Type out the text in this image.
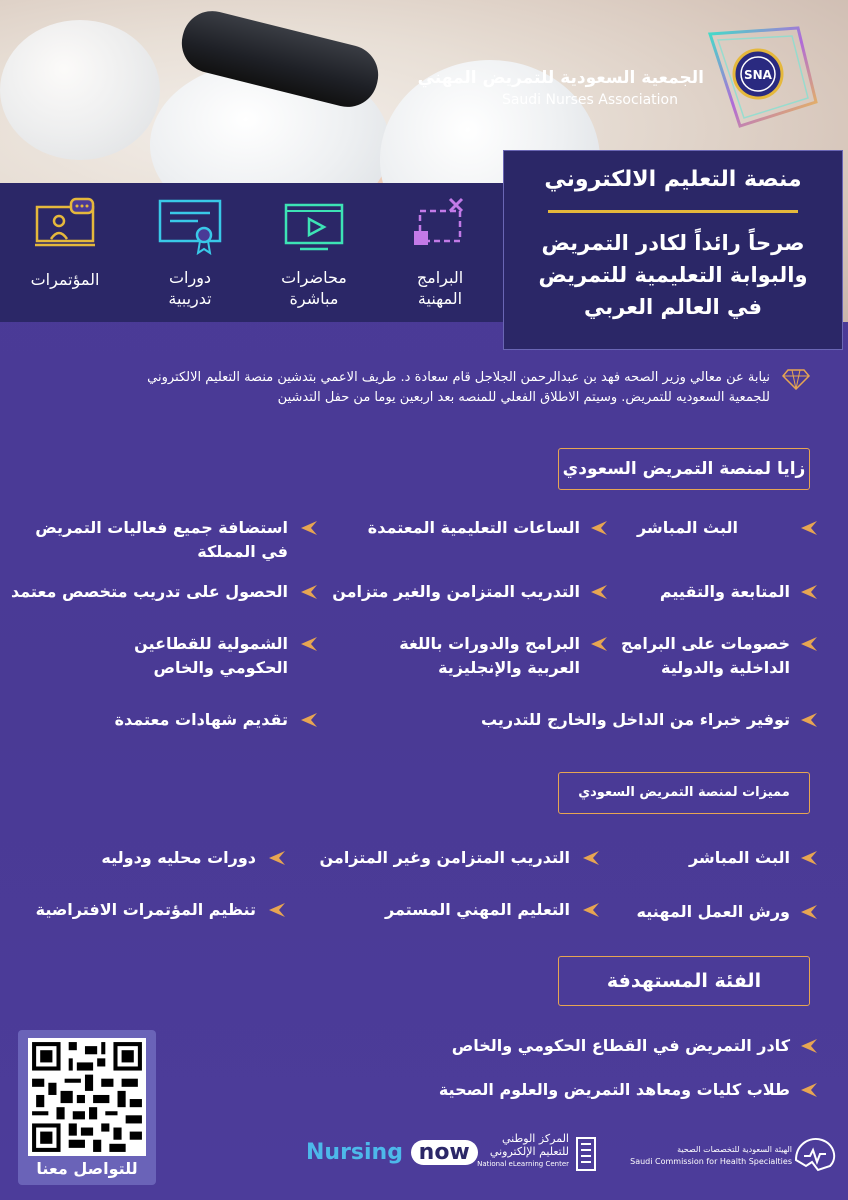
SNA
الجمعية السعودية للتمريض المهني
Saudi Nurses Association
المؤتمرات	دورات
تدريبية
محاضرات
مباشرة
البرامج
المهنية
منصة التعليم الالكتروني
صرحاً رائداً لكادر التمريض
والبوابة التعليمية للتمريض
في العالم العربي
نيابة عن معالي وزير الصحه فهد بن عبدالرحمن الجلاجل قام سعادة د. طريف الاعمي بتدشين منصة التعليم الالكتروني
للجمعية السعوديه للتمريض. وسيتم الاطلاق الفعلي للمنصه بعد اربعين يوما من حفل التدشين
زايا لمنصة التمريض السعودي
البث المباشر
الساعات التعليمية المعتمدة
استضافة جميع فعاليات التمريض
في المملكة
المتابعة والتقييم
التدريب المتزامن والغير متزامن
الحصول على تدريب متخصص معتمد
خصومات على البرامج
الداخلية والدولية
البرامج والدورات باللغة
العربية والإنجليزية
الشمولية للقطاعين
الحكومي والخاص
توفير خبراء من الداخل والخارج للتدريب
تقديم شهادات معتمدة
مميزات لمنصة التمريض السعودي
البث المباشر
التدريب المتزامن وغير المتزامن
دورات محليه ودوليه
ورش العمل المهنيه
التعليم المهني المستمر
تنظيم المؤتمرات الافتراضية
الفئة المستهدفة
كادر التمريض في القطاع الحكومي والخاص
طلاب كليات ومعاهد التمريض والعلوم الصحية
للتواصل معنا
Nursing now
المركز الوطني
للتعليم الإلكتروني
National eLearning Center
الهيئة السعودية للتخصصات الصحية
Saudi Commission for Health Specialties
